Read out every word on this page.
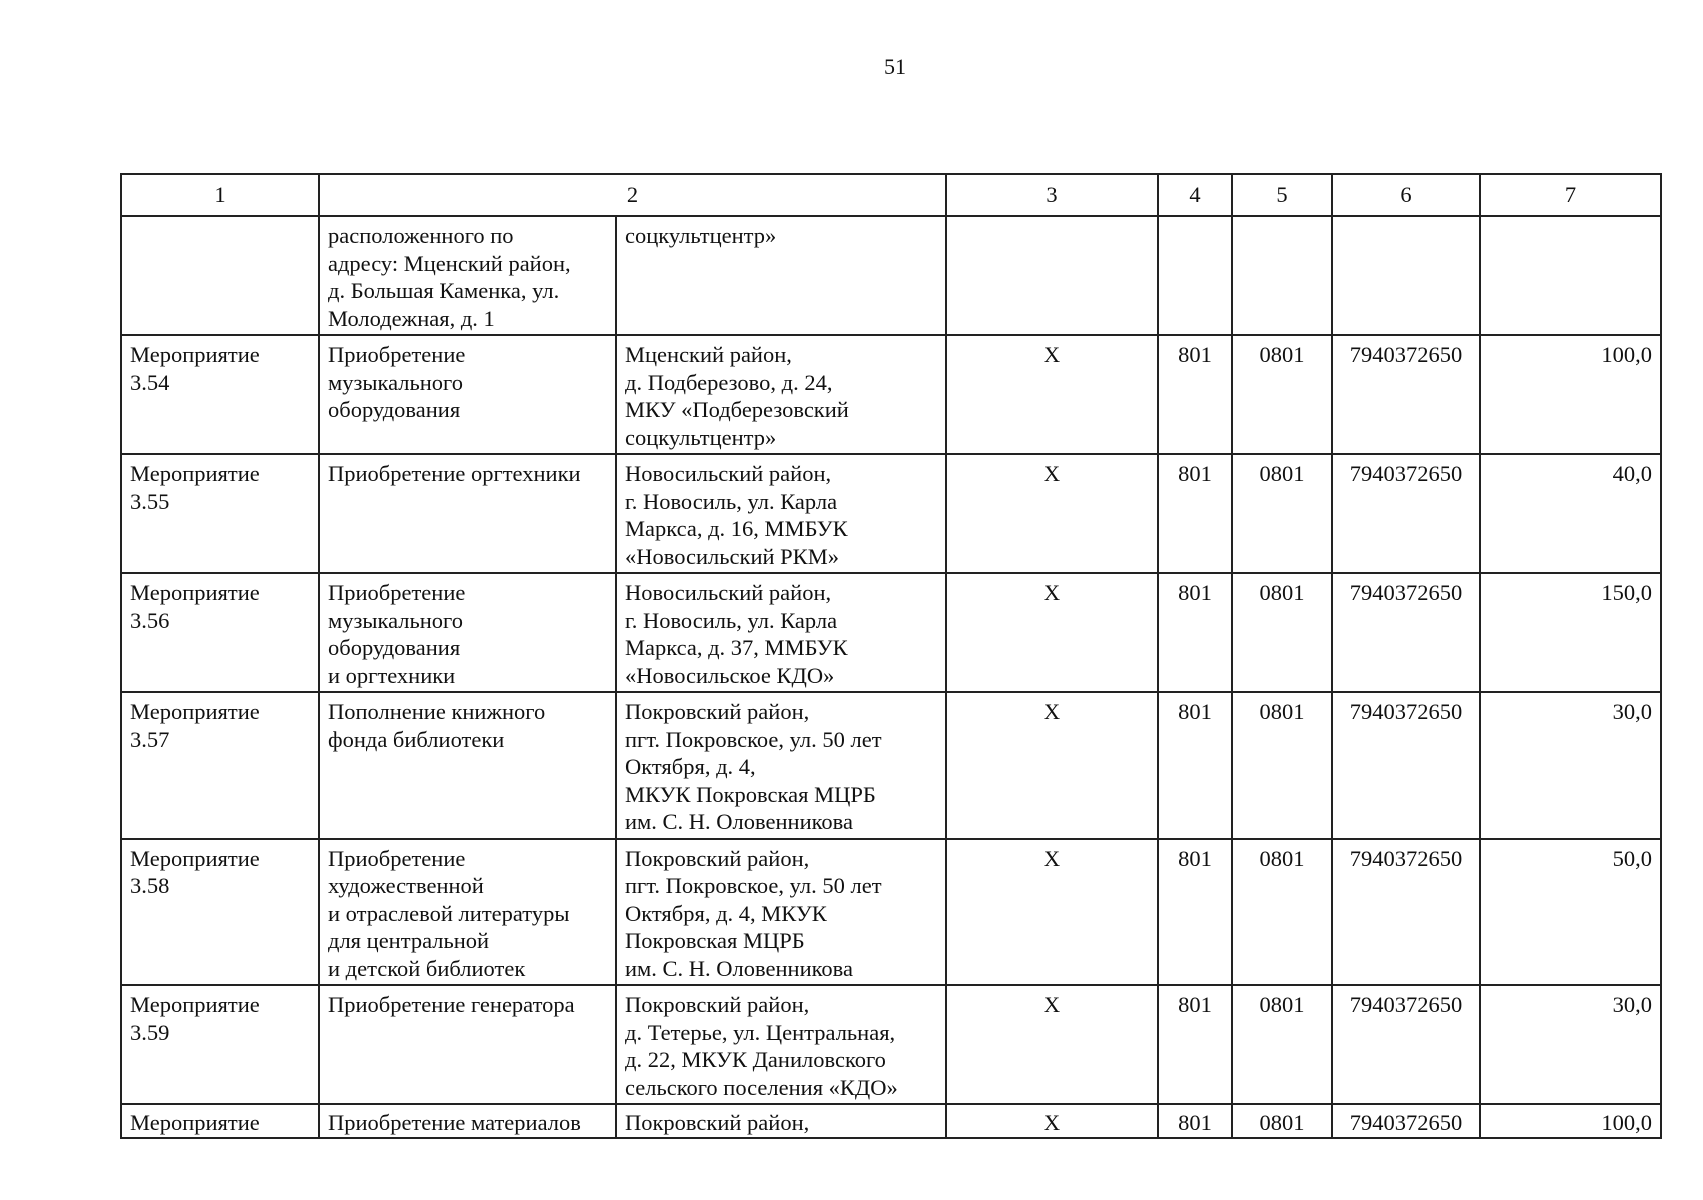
51
1	2		3	4	5	6	7
	расположенного по
адресу: Мценский район,
д. Большая Каменка, ул.
Молодежная, д. 1	соцкультцентр»					
Мероприятие
3.54	Приобретение
музыкального
оборудования	Мценский район,
д. Подберезово, д. 24,
МКУ «Подберезовский
соцкультцентр»	Х	801	0801	7940372650	100,0
Мероприятие
3.55	Приобретение оргтехники	Новосильский район,
г. Новосиль, ул. Карла
Маркса, д. 16, ММБУК
«Новосильский РКМ»	Х	801	0801	7940372650	40,0
Мероприятие
3.56	Приобретение
музыкального
оборудования
и оргтехники	Новосильский район,
г. Новосиль, ул. Карла
Маркса, д. 37, ММБУК
«Новосильское КДО»	Х	801	0801	7940372650	150,0
Мероприятие
3.57	Пополнение книжного
фонда библиотеки	Покровский район,
пгт. Покровское, ул. 50 лет
Октября, д. 4,
МКУК Покровская МЦРБ
им. С. Н. Оловенникова	Х	801	0801	7940372650	30,0
Мероприятие
3.58	Приобретение
художественной
и отраслевой литературы
для центральной
и детской библиотек	Покровский район,
пгт. Покровское, ул. 50 лет
Октября, д. 4, МКУК
Покровская МЦРБ
им. С. Н. Оловенникова	Х	801	0801	7940372650	50,0
Мероприятие
3.59	Приобретение генератора	Покровский район,
д. Тетерье, ул. Центральная,
д. 22, МКУК Даниловского
сельского поселения «КДО»	Х	801	0801	7940372650	30,0
Мероприятие	Приобретение материалов	Покровский район,	Х	801	0801	7940372650	100,0
